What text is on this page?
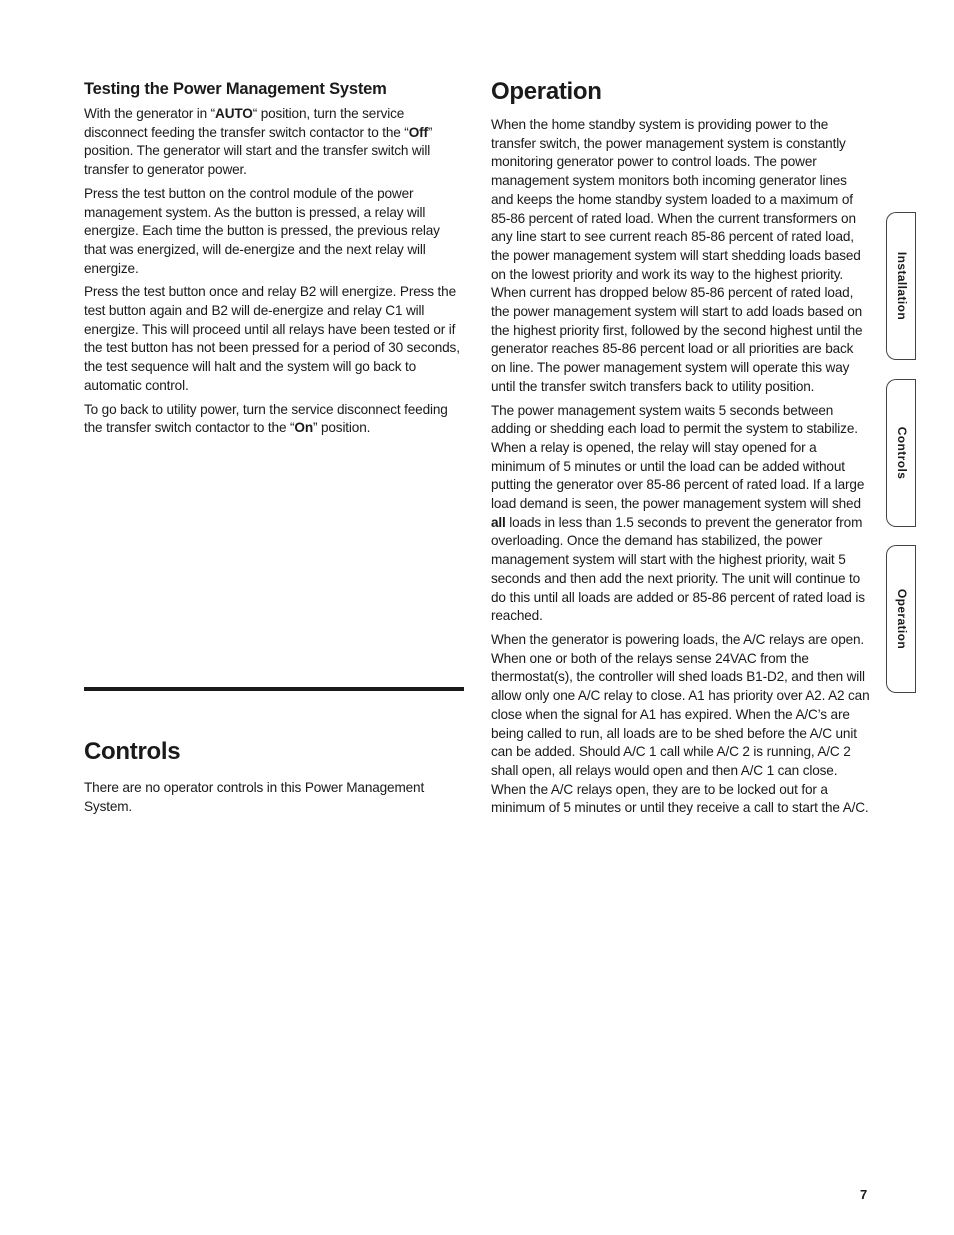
Testing the Power Management System

With the generator in “AUTO“ position, turn the service disconnect feeding the transfer switch contactor to the “Off” position. The generator will start and the transfer switch will transfer to generator power.

Press the test button on the control module of the power management system. As the button is pressed, a relay will energize. Each time the button is pressed, the previous relay that was energized, will de-energize and the next relay will energize.

Press the test button once and relay B2 will energize. Press the test button again and B2 will de-energize and relay C1 will energize. This will proceed until all relays have been tested or if the test button has not been pressed for a period of 30 seconds, the test sequence will halt and the system will go back to automatic control.

To go back to utility power, turn the service disconnect feeding the transfer switch contactor to the “On” position.

Controls

There are no operator controls in this Power Management System.

Operation

When the home standby system is providing power to the transfer switch, the power management system is constantly monitoring generator power to control loads. The power management system monitors both incoming generator lines and keeps the home standby system loaded to a maximum of 85-86 percent of rated load. When the current transformers on any line start to see current reach 85-86 percent of rated load, the power management system will start shedding loads based on the lowest priority and work its way to the highest priority. When current has dropped below 85-86 percent of rated load, the power management system will start to add loads based on the highest priority first, followed by the second highest until the generator reaches 85-86 percent load or all priorities are back on line. The power management system will operate this way until the transfer switch transfers back to utility position.

The power management system waits 5 seconds between adding or shedding each load to permit the system to stabilize. When a relay is opened, the relay will stay opened for a minimum of 5 minutes or until the load can be added without putting the generator over 85-86 percent of rated load. If a large load demand is seen, the power management system will shed all loads in less than 1.5 seconds to prevent the generator from overloading. Once the demand has stabilized, the power management system will start with the highest priority, wait 5 seconds and then add the next priority. The unit will continue to do this until all loads are added or 85-86 percent of rated load is reached.

When the generator is powering loads, the A/C relays are open. When one or both of the relays sense 24VAC from the thermostat(s), the controller will shed loads B1-D2, and then will allow only one A/C relay to close. A1 has priority over A2. A2 can close when the signal for A1 has expired. When the A/C’s are being called to run, all loads are to be shed before the A/C unit can be added. Should A/C 1 call while A/C 2 is running, A/C 2 shall open, all relays would open and then A/C 1 can close. When the A/C relays open, they are to be locked out for a minimum of 5 minutes or until they receive a call to start the A/C.

Installation
Controls
Operation
7
